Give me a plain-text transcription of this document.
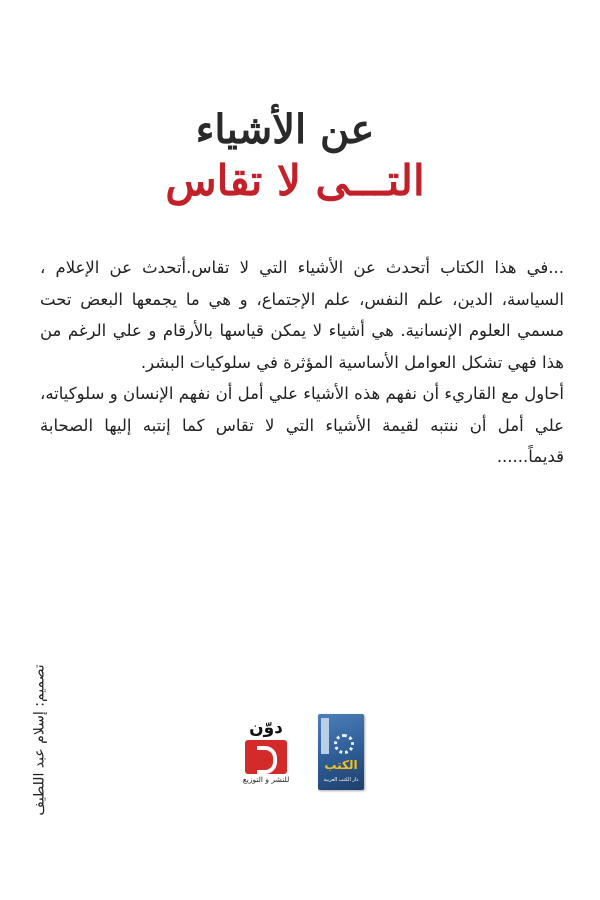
عن الأشياء
التـــى لا تقاس

...في هذا الكتاب أتحدث عن الأشياء التي لا تقاس.أتحدث عن الإعلام ، السياسة، الدين، علم النفس، علم الإجتماع، و هي ما يجمعها البعض تحت مسمي العلوم الإنسانية. هي أشياء لا يمكن قياسها بالأرقام و علي الرغم من هذا فهي تشكل العوامل الأساسية المؤثرة في سلوكيات البشر.

أحاول مع القاريء أن نفهم هذه الأشياء علي أمل أن نفهم الإنسان و سلوكياته، علي أمل أن ننتبه لقيمة الأشياء التي لا تقاس كما إنتبه إليها الصحابة قديماً......

تصميم: إسلام عبد اللطيف	دوّن
للنشر و التوزيع
الكتب
دار الكتب العربية
